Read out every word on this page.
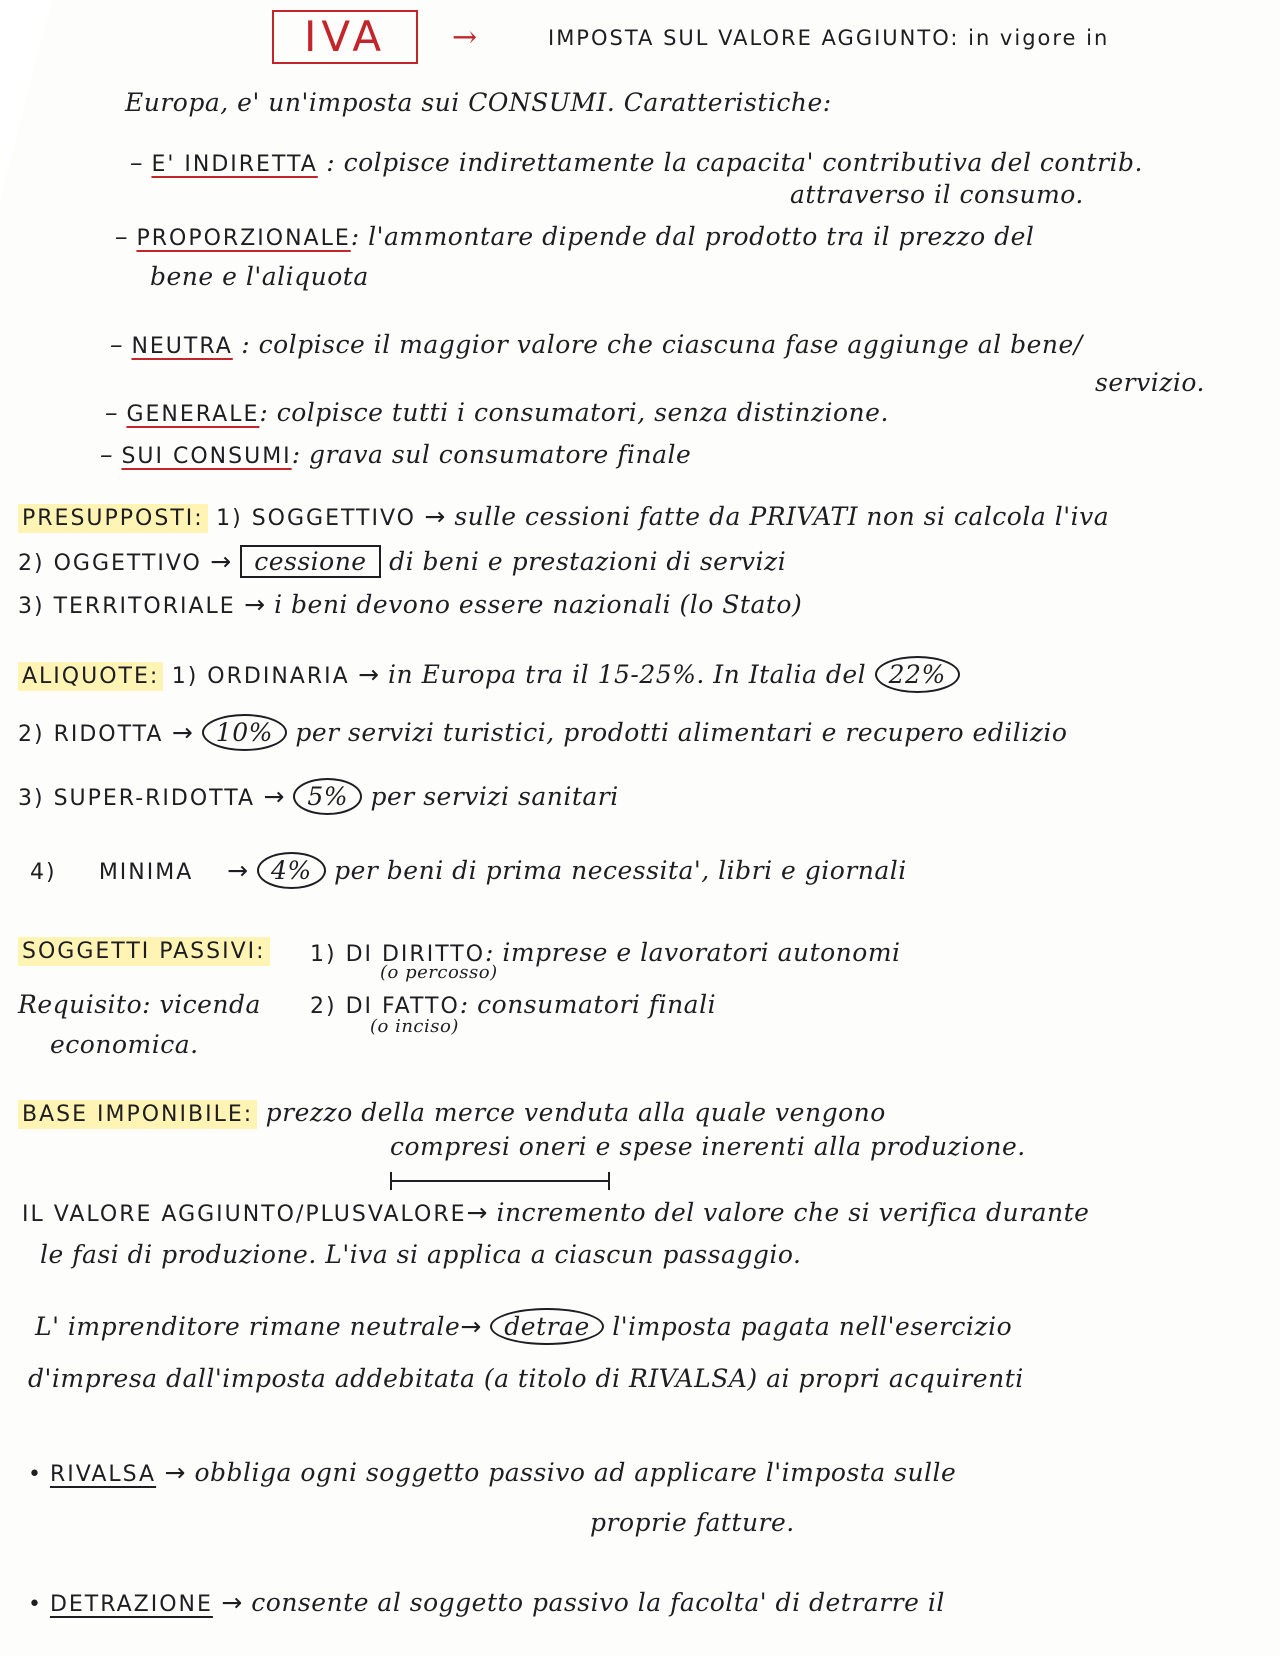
IVA	→	IMPOSTA SUL VALORE AGGIUNTO: in vigore in
Europa, e' un'imposta sui CONSUMI. Caratteristiche:
– E' INDIRETTA : colpisce indirettamente la capacita' contributiva del contrib.
attraverso il consumo.
– PROPORZIONALE: l'ammontare dipende dal prodotto tra il prezzo del
bene e l'aliquota
– NEUTRA : colpisce il maggior valore che ciascuna fase aggiunge al bene/
servizio.
– GENERALE: colpisce tutti i consumatori, senza distinzione.
– SUI CONSUMI: grava sul consumatore finale
PRESUPPOSTI: 1) SOGGETTIVO → sulle cessioni fatte da PRIVATI non si calcola l'iva
2) OGGETTIVO → cessione di beni e prestazioni di servizi
3) TERRITORIALE → i beni devono essere nazionali (lo Stato)
ALIQUOTE: 1) ORDINARIA → in Europa tra il 15-25%. In Italia del 22%
2) RIDOTTA → 10% per servizi turistici, prodotti alimentari e recupero edilizio
3) SUPER-RIDOTTA → 5% per servizi sanitari
4) MINIMA → 4% per beni di prima necessita', libri e giornali
SOGGETTI PASSIVI: 1) DI DIRITTO: imprese e lavoratori autonomi
(o percosso)
Requisito: vicenda 2) DI FATTO: consumatori finali
(o inciso)
economica.
BASE IMPONIBILE: prezzo della merce venduta alla quale vengono
compresi oneri e spese inerenti alla produzione.
IL VALORE AGGIUNTO/PLUSVALORE→ incremento del valore che si verifica durante
le fasi di produzione. L'iva si applica a ciascun passaggio.
L' imprenditore rimane neutrale→ detrae l'imposta pagata nell'esercizio
d'impresa dall'imposta addebitata (a titolo di RIVALSA) ai propri acquirenti
• RIVALSA → obbliga ogni soggetto passivo ad applicare l'imposta sulle
proprie fatture.
• DETRAZIONE → consente al soggetto passivo la facolta' di detrarre il
